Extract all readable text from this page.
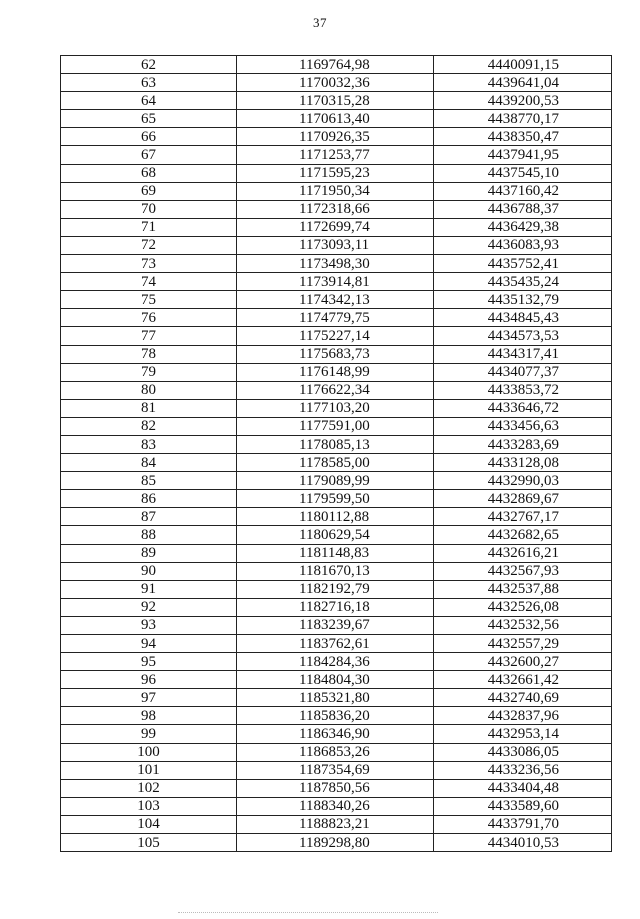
37
62	1169764,98	4440091,15
63	1170032,36	4439641,04
64	1170315,28	4439200,53
65	1170613,40	4438770,17
66	1170926,35	4438350,47
67	1171253,77	4437941,95
68	1171595,23	4437545,10
69	1171950,34	4437160,42
70	1172318,66	4436788,37
71	1172699,74	4436429,38
72	1173093,11	4436083,93
73	1173498,30	4435752,41
74	1173914,81	4435435,24
75	1174342,13	4435132,79
76	1174779,75	4434845,43
77	1175227,14	4434573,53
78	1175683,73	4434317,41
79	1176148,99	4434077,37
80	1176622,34	4433853,72
81	1177103,20	4433646,72
82	1177591,00	4433456,63
83	1178085,13	4433283,69
84	1178585,00	4433128,08
85	1179089,99	4432990,03
86	1179599,50	4432869,67
87	1180112,88	4432767,17
88	1180629,54	4432682,65
89	1181148,83	4432616,21
90	1181670,13	4432567,93
91	1182192,79	4432537,88
92	1182716,18	4432526,08
93	1183239,67	4432532,56
94	1183762,61	4432557,29
95	1184284,36	4432600,27
96	1184804,30	4432661,42
97	1185321,80	4432740,69
98	1185836,20	4432837,96
99	1186346,90	4432953,14
100	1186853,26	4433086,05
101	1187354,69	4433236,56
102	1187850,56	4433404,48
103	1188340,26	4433589,60
104	1188823,21	4433791,70
105	1189298,80	4434010,53
